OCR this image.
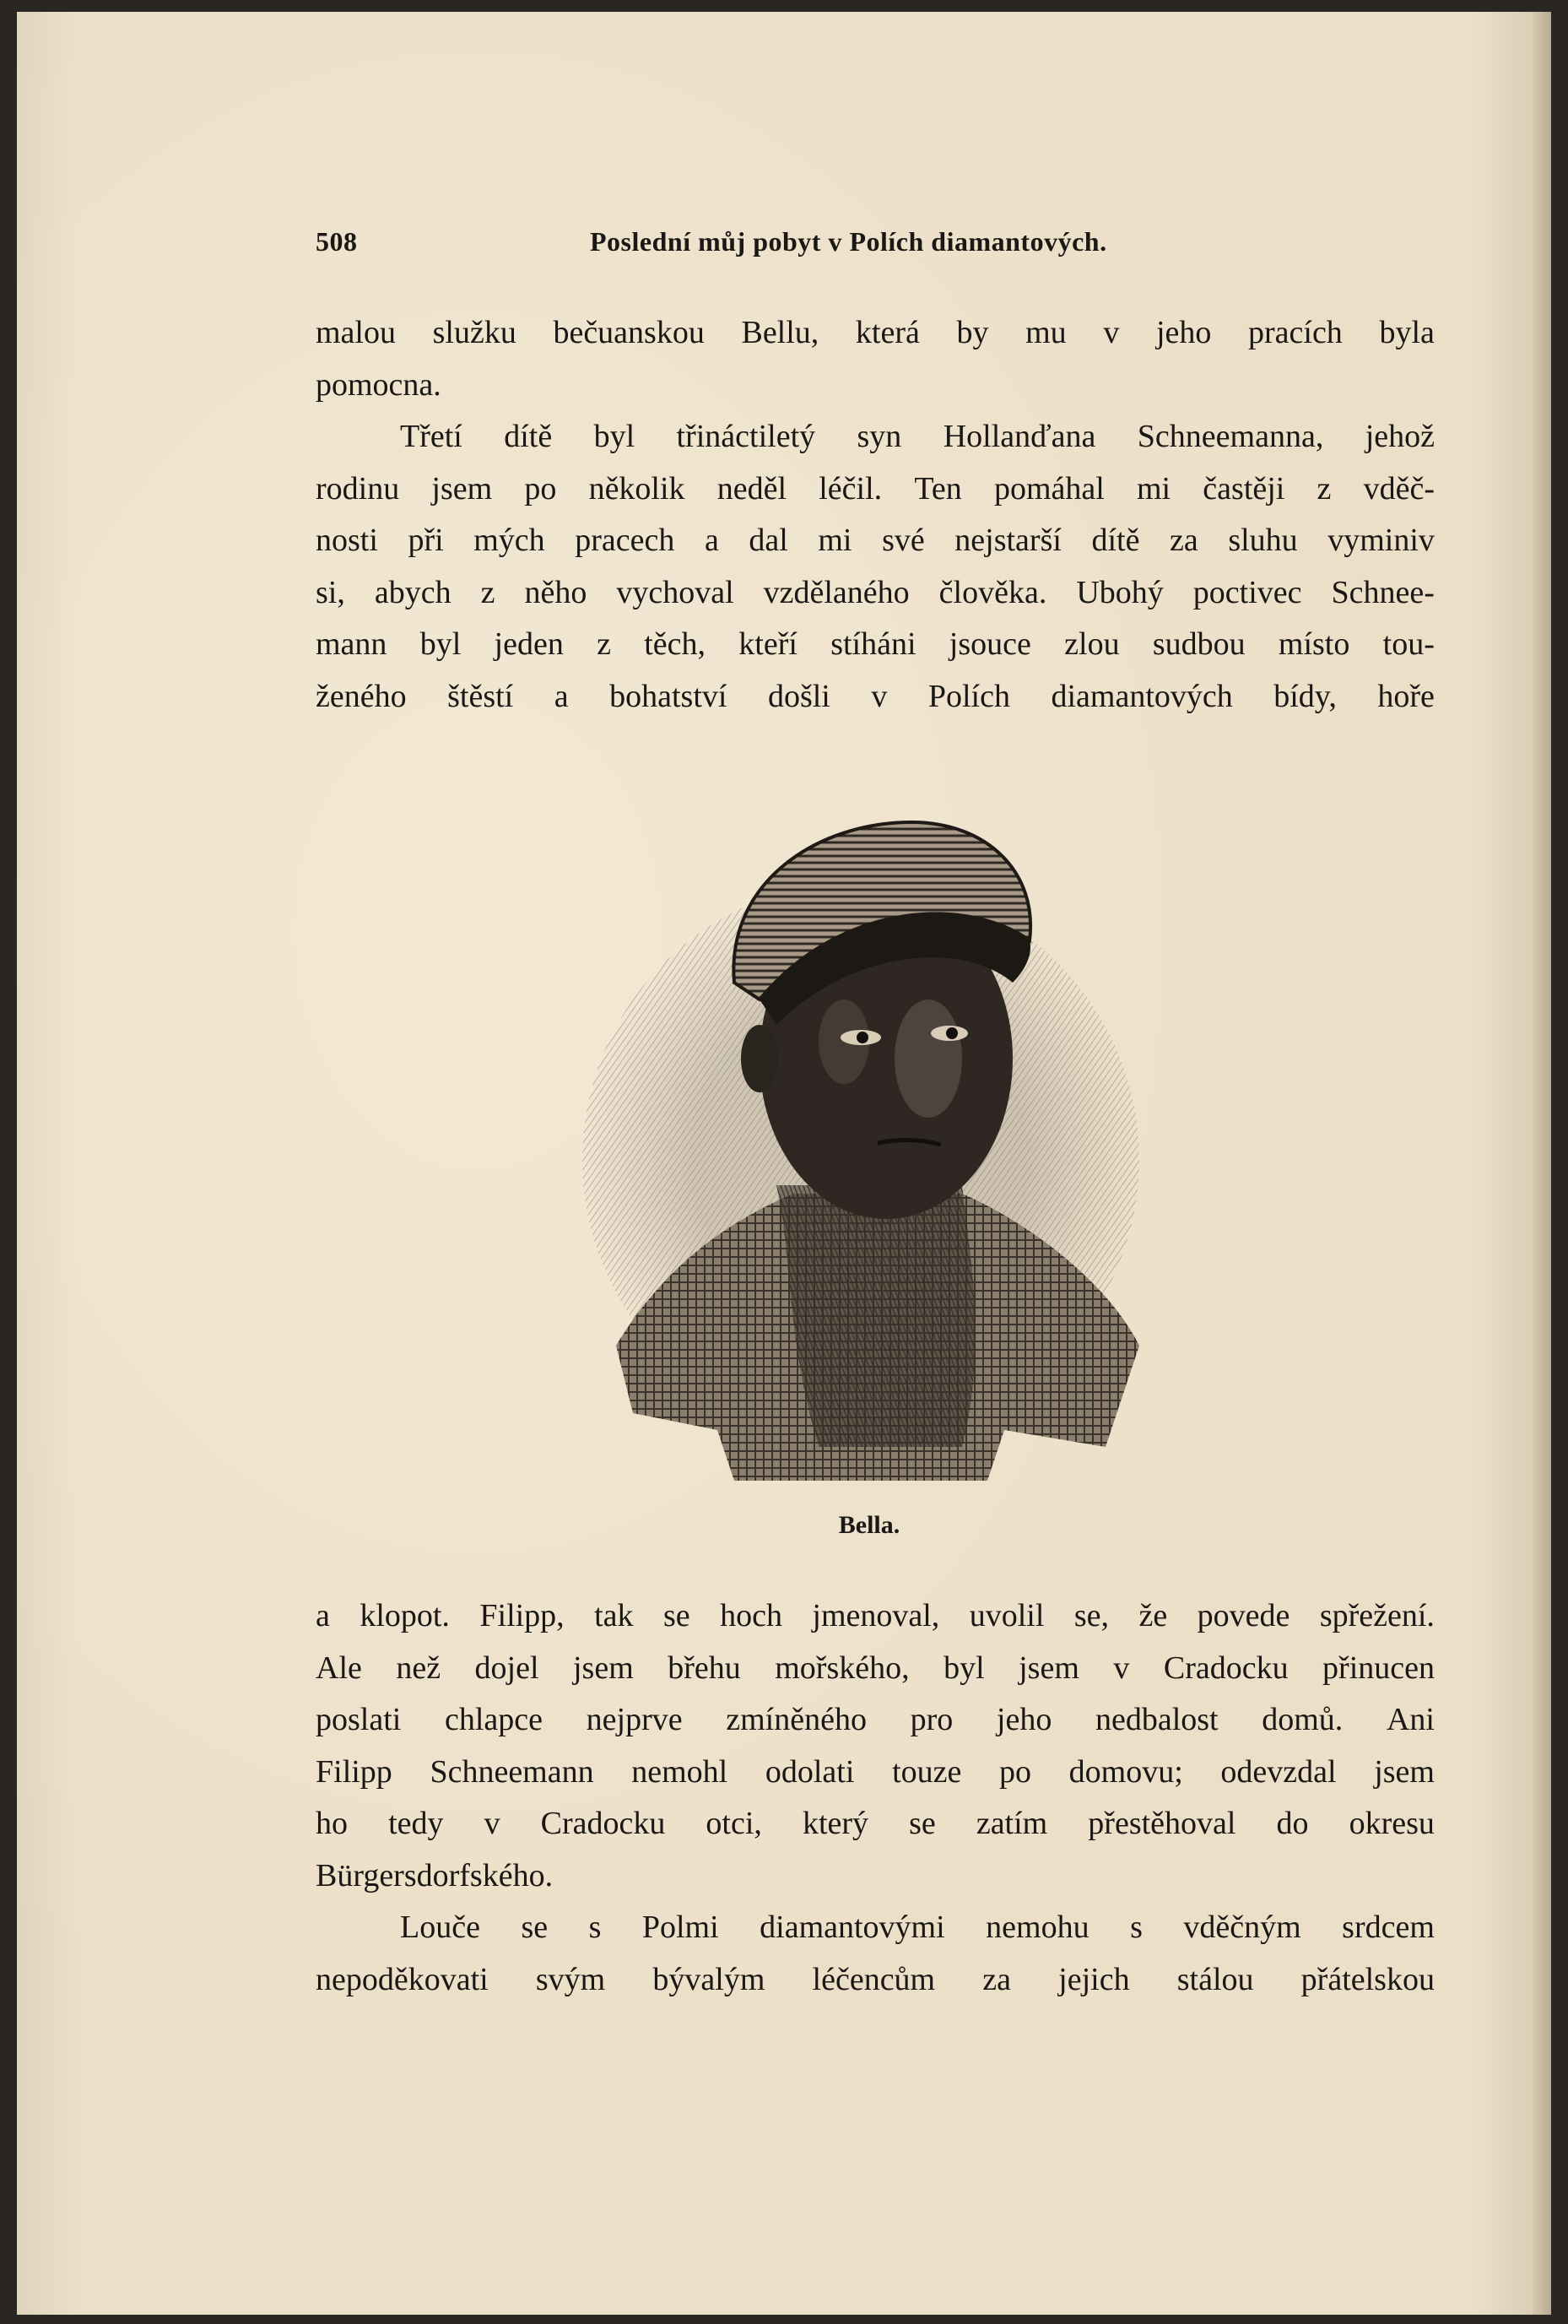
508	Poslední můj pobyt v Polích diamantových.
malou služku bečuanskou Bellu, která by mu v jeho pracích byla
pomocna.
Třetí dítě byl třináctiletý syn Hollanďana Schneemanna, jehož
rodinu jsem po několik neděl léčil. Ten pomáhal mi častěji z vděč-
nosti při mých pracech a dal mi své nejstarší dítě za sluhu vyminiv
si, abych z něho vychoval vzdělaného člověka. Ubohý poctivec Schnee-
mann byl jeden z těch, kteří stíháni jsouce zlou sudbou místo tou-
ženého štěstí a bohatství došli v Polích diamantových bídy, hoře
Bella.
a klopot. Filipp, tak se hoch jmenoval, uvolil se, že povede spřežení.
Ale než dojel jsem břehu mořského, byl jsem v Cradocku přinucen
poslati chlapce nejprve zmíněného pro jeho nedbalost domů. Ani
Filipp Schneemann nemohl odolati touze po domovu; odevzdal jsem
ho tedy v Cradocku otci, který se zatím přestěhoval do okresu
Bürgersdorfského.
Louče se s Polmi diamantovými nemohu s vděčným srdcem
nepoděkovati svým bývalým léčencům za jejich stálou přátelskou
